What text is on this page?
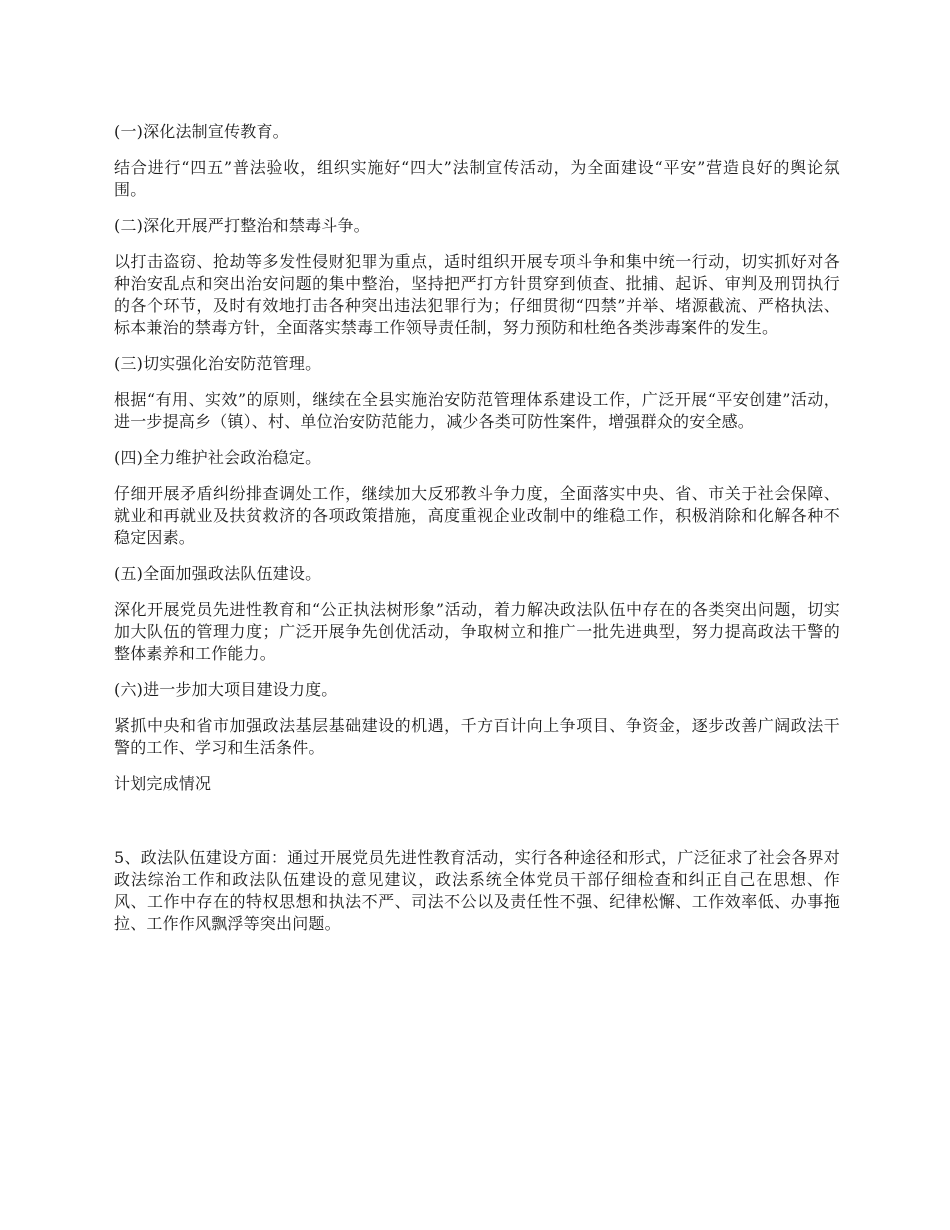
(一)深化法制宣传教育。
结合进行“四五”普法验收，组织实施好“四大”法制宣传活动，为全面建设“平安”营造良好的舆论氛围。
(二)深化开展严打整治和禁毒斗争。
以打击盗窃、抢劫等多发性侵财犯罪为重点，适时组织开展专项斗争和集中统一行动，切实抓好对各种治安乱点和突出治安问题的集中整治，坚持把严打方针贯穿到侦查、批捕、起诉、审判及刑罚执行的各个环节，及时有效地打击各种突出违法犯罪行为；仔细贯彻“四禁”并举、堵源截流、严格执法、标本兼治的禁毒方针，全面落实禁毒工作领导责任制，努力预防和杜绝各类涉毒案件的发生。
(三)切实强化治安防范管理。
根据“有用、实效”的原则，继续在全县实施治安防范管理体系建设工作，广泛开展“平安创建”活动，进一步提高乡（镇）、村、单位治安防范能力，减少各类可防性案件，增强群众的安全感。
(四)全力维护社会政治稳定。
仔细开展矛盾纠纷排查调处工作，继续加大反邪教斗争力度，全面落实中央、省、市关于社会保障、就业和再就业及扶贫救济的各项政策措施，高度重视企业改制中的维稳工作，积极消除和化解各种不稳定因素。
(五)全面加强政法队伍建设。
深化开展党员先进性教育和“公正执法树形象”活动，着力解决政法队伍中存在的各类突出问题，切实加大队伍的管理力度；广泛开展争先创优活动，争取树立和推广一批先进典型，努力提高政法干警的整体素养和工作能力。
(六)进一步加大项目建设力度。
紧抓中央和省市加强政法基层基础建设的机遇，千方百计向上争项目、争资金，逐步改善广阔政法干警的工作、学习和生活条件。
计划完成情况
5、政法队伍建设方面：通过开展党员先进性教育活动，实行各种途径和形式，广泛征求了社会各界对政法综治工作和政法队伍建设的意见建议，政法系统全体党员干部仔细检查和纠正自己在思想、作风、工作中存在的特权思想和执法不严、司法不公以及责任性不强、纪律松懈、工作效率低、办事拖拉、工作作风飘浮等突出问题。
